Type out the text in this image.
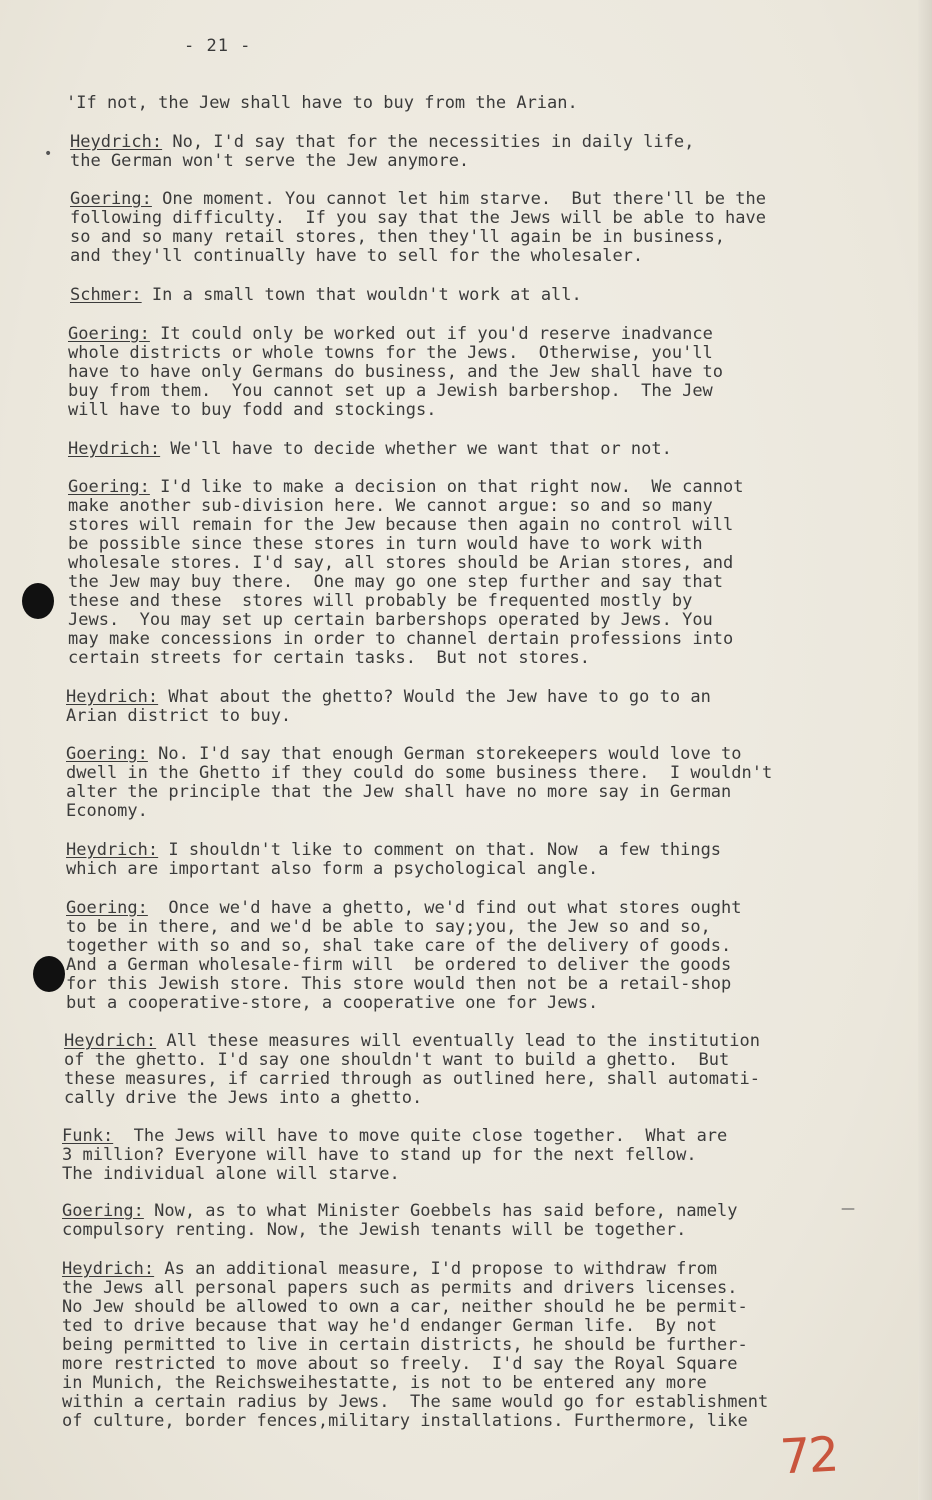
- 21 -
•
—
'If not, the Jew shall have to buy from the Arian.
Heydrich: No, I'd say that for the necessities in daily life,
the German won't serve the Jew anymore.
Goering: One moment. You cannot let him starve.  But there'll be the
following difficulty.  If you say that the Jews will be able to have
so and so many retail stores, then they'll again be in business,
and they'll continually have to sell for the wholesaler.
Schmer: In a small town that wouldn't work at all.
Goering: It could only be worked out if you'd reserve inadvance
whole districts or whole towns for the Jews.  Otherwise, you'll
have to have only Germans do business, and the Jew shall have to
buy from them.  You cannot set up a Jewish barbershop.  The Jew
will have to buy fodd and stockings.
Heydrich: We'll have to decide whether we want that or not.
Goering: I'd like to make a decision on that right now.  We cannot
make another sub-division here. We cannot argue: so and so many
stores will remain for the Jew because then again no control will
be possible since these stores in turn would have to work with
wholesale stores. I'd say, all stores should be Arian stores, and
the Jew may buy there.  One may go one step further and say that
these and these  stores will probably be frequented mostly by
Jews.  You may set up certain barbershops operated by Jews. You
may make concessions in order to channel dertain professions into
certain streets for certain tasks.  But not stores.
Heydrich: What about the ghetto? Would the Jew have to go to an
Arian district to buy.
Goering: No. I'd say that enough German storekeepers would love to
dwell in the Ghetto if they could do some business there.  I wouldn't
alter the principle that the Jew shall have no more say in German
Economy.
Heydrich: I shouldn't like to comment on that. Now  a few things
which are important also form a psychological angle.
Goering:  Once we'd have a ghetto, we'd find out what stores ought
to be in there, and we'd be able to say;you, the Jew so and so,
together with so and so, shal take care of the delivery of goods.
And a German wholesale-firm will  be ordered to deliver the goods
for this Jewish store. This store would then not be a retail-shop
but a cooperative-store, a cooperative one for Jews.
Heydrich: All these measures will eventually lead to the institution
of the ghetto. I'd say one shouldn't want to build a ghetto.  But
these measures, if carried through as outlined here, shall automati-
cally drive the Jews into a ghetto.
Funk:  The Jews will have to move quite close together.  What are
3 million? Everyone will have to stand up for the next fellow.
The individual alone will starve.
Goering: Now, as to what Minister Goebbels has said before, namely
compulsory renting. Now, the Jewish tenants will be together.
Heydrich: As an additional measure, I'd propose to withdraw from
the Jews all personal papers such as permits and drivers licenses.
No Jew should be allowed to own a car, neither should he be permit-
ted to drive because that way he'd endanger German life.  By not
being permitted to live in certain districts, he should be further-
more restricted to move about so freely.  I'd say the Royal Square
in Munich, the Reichsweihestatte, is not to be entered any more
within a certain radius by Jews.  The same would go for establishment
of culture, border fences,military installations. Furthermore, like
72
